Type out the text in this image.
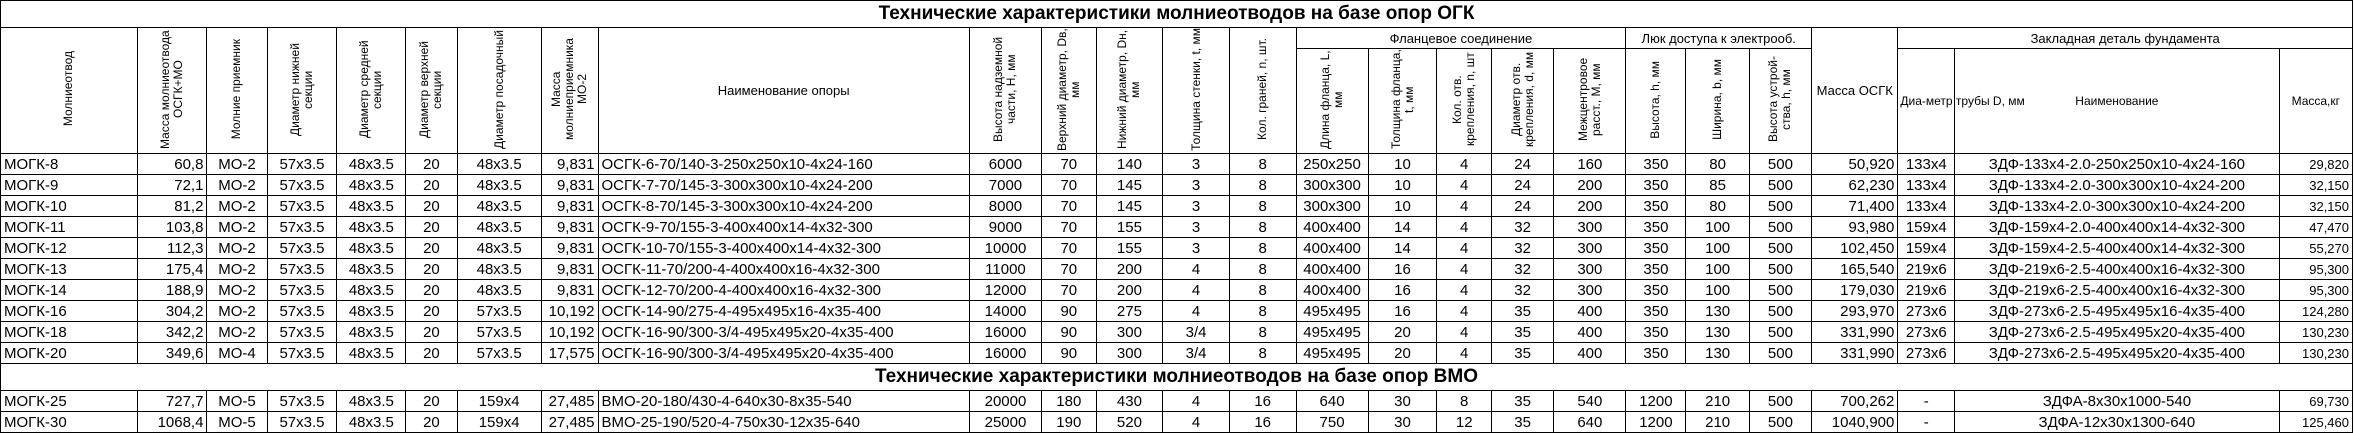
Технические характеристики молниеотводов на базе опор ОГК																									
Молниеотвод	Масса молниеотвода ОСГК+МО	Молние приемник	Диаметр нижней секции	Диаметр средней секции	Диаметр верхней секции	Диаметр посадочный	Масса молниеприемника МО-2	Наименование опоры	Высота надземной части, Н, мм	Верхний диаметр, Dв, мм	Нижний диаметр, Dн, мм	Толщина стенки, t, мм	Кол. граней, n, шт.	Фланцевое соединение					Люк доступа к электрооб.			Масса ОСГК	Закладная деталь фундамента		
														Длина фланца, L, мм	Толщина фланца, t, мм	Кол. отв. крепления, n, шт	Диаметр отв. крепления, d, мм	Межцентровое расст., М, мм	Высота, h, мм	Ширина, b, мм	Высота устрой-ства, h, мм		Диа-метр трубы D, мм	Наименование	Масса,кг
МОГК-8	60,8	МО-2	57х3.5	48х3.5	20	48х3.5	9,831	ОСГК-6-70/140-3-250х250х10-4х24-160	6000	70	140	3	8	250х250	10	4	24	160	350	80	500	50,920	133х4	ЗДФ-133х4-2.0-250х250х10-4х24-160	29,820
МОГК-9	72,1	МО-2	57х3.5	48х3.5	20	48х3.5	9,831	ОСГК-7-70/145-3-300х300х10-4х24-200	7000	70	145	3	8	300х300	10	4	24	200	350	85	500	62,230	133х4	ЗДФ-133х4-2.0-300х300х10-4х24-200	32,150
МОГК-10	81,2	МО-2	57х3.5	48х3.5	20	48х3.5	9,831	ОСГК-8-70/145-3-300х300х10-4х24-200	8000	70	145	3	8	300х300	10	4	24	200	350	80	500	71,400	133х4	ЗДФ-133х4-2.0-300х300х10-4х24-200	32,150
МОГК-11	103,8	МО-2	57х3.5	48х3.5	20	48х3.5	9,831	ОСГК-9-70/155-3-400х400х14-4х32-300	9000	70	155	3	8	400х400	14	4	32	300	350	100	500	93,980	159х4	ЗДФ-159х4-2.0-400х400х14-4х32-300	47,470
МОГК-12	112,3	МО-2	57х3.5	48х3.5	20	48х3.5	9,831	ОСГК-10-70/155-3-400х400х14-4х32-300	10000	70	155	3	8	400х400	14	4	32	300	350	100	500	102,450	159х4	ЗДФ-159х4-2.5-400х400х14-4х32-300	55,270
МОГК-13	175,4	МО-2	57х3.5	48х3.5	20	48х3.5	9,831	ОСГК-11-70/200-4-400х400х16-4х32-300	11000	70	200	4	8	400х400	16	4	32	300	350	100	500	165,540	219х6	ЗДФ-219х6-2.5-400х400х16-4х32-300	95,300
МОГК-14	188,9	МО-2	57х3.5	48х3.5	20	48х3.5	9,831	ОСГК-12-70/200-4-400х400х16-4х32-300	12000	70	200	4	8	400х400	16	4	32	300	350	100	500	179,030	219х6	ЗДФ-219х6-2.5-400х400х16-4х32-300	95,300
МОГК-16	304,2	МО-2	57х3.5	48х3.5	20	57х3.5	10,192	ОСГК-14-90/275-4-495х495х16-4х35-400	14000	90	275	4	8	495х495	16	4	35	400	350	130	500	293,970	273х6	ЗДФ-273х6-2.5-495х495х16-4х35-400	124,280
МОГК-18	342,2	МО-2	57х3.5	48х3.5	20	57х3.5	10,192	ОСГК-16-90/300-3/4-495х495х20-4х35-400	16000	90	300	3/4	8	495х495	20	4	35	400	350	130	500	331,990	273х6	ЗДФ-273х6-2.5-495х495х20-4х35-400	130,230
МОГК-20	349,6	МО-4	57х3.5	48х3.5	20	57х3.5	17,575	ОСГК-16-90/300-3/4-495х495х20-4х35-400	16000	90	300	3/4	8	495х495	20	4	35	400	350	130	500	331,990	273х6	ЗДФ-273х6-2.5-495х495х20-4х35-400	130,230
Технические характеристики молниеотводов на базе опор ВМО																									
МОГК-25	727,7	МО-5	57х3.5	48х3.5	20	159х4	27,485	ВМО-20-180/430-4-640х30-8х35-540	20000	180	430	4	16	640	30	8	35	540	1200	210	500	700,262	-	ЗДФА-8х30х1000-540	69,730
МОГК-30	1068,4	МО-5	57х3.5	48х3.5	20	159х4	27,485	ВМО-25-190/520-4-750х30-12х35-640	25000	190	520	4	16	750	30	12	35	640	1200	210	500	1040,900	-	ЗДФА-12х30х1300-640	125,460
